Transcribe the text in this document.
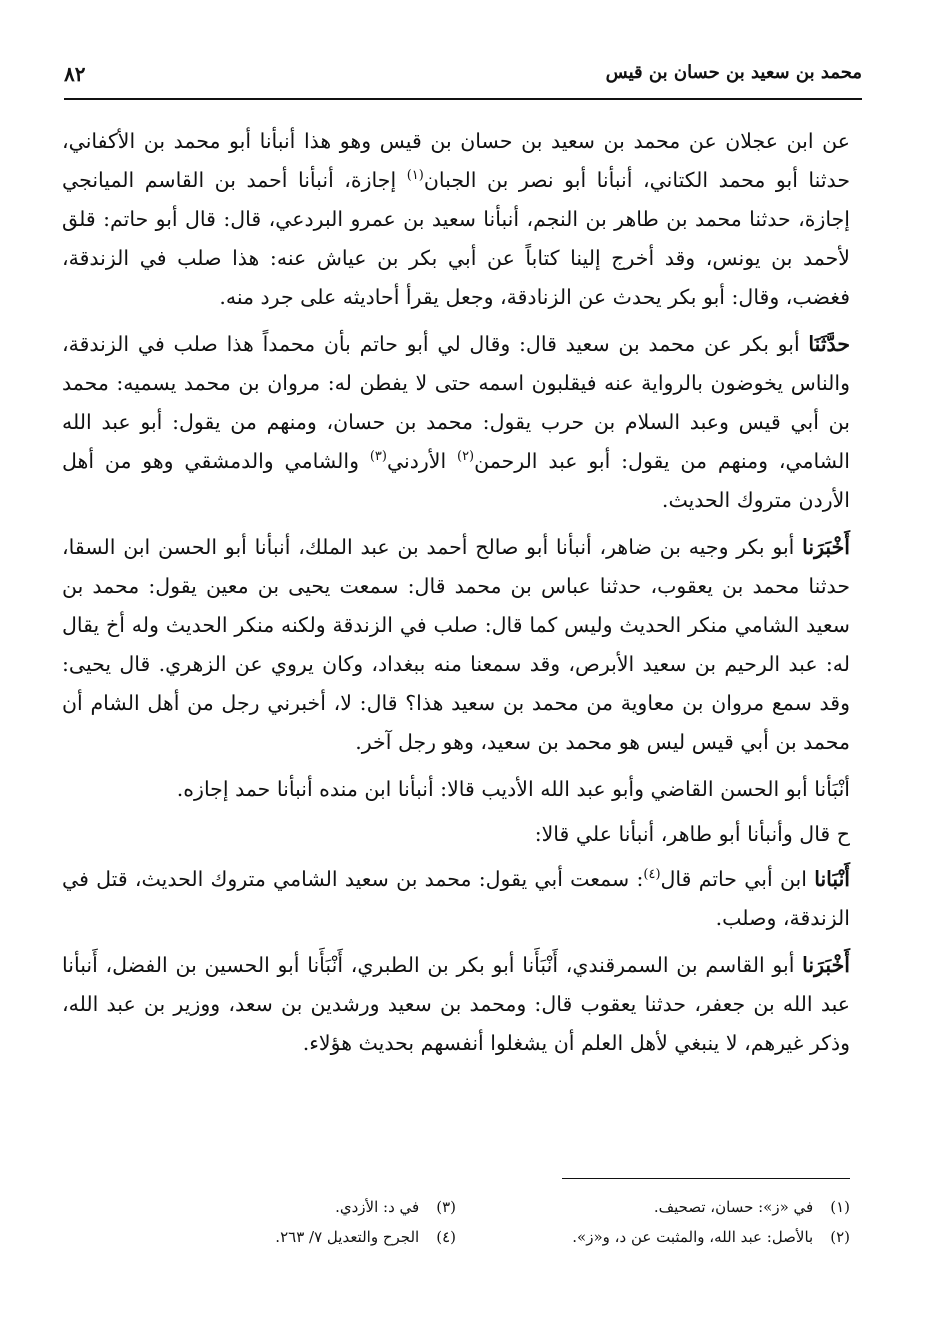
محمد بن سعيد بن حسان بن قيس
٨٢

عن ابن عجلان عن محمد بن سعيد بن حسان بن قيس وهو هذا أنبأنا أبو محمد بن الأكفاني، حدثنا أبو محمد الكتاني، أنبأنا أبو نصر بن الجبان$^{(١)}$ إجازة، أنبأنا أحمد بن القاسم الميانجي إجازة، حدثنا محمد بن طاهر بن النجم، أنبأنا سعيد بن عمرو البردعي، قال: قال أبو حاتم: قلق لأحمد بن يونس، وقد أخرج إلينا كتاباً عن أبي بكر بن عياش عنه: هذا صلب في الزندقة، فغضب، وقال: أبو بكر يحدث عن الزنادقة، وجعل يقرأ أحاديثه على جرد منه.

حدَّثَنَا أبو بكر عن محمد بن سعيد قال: وقال لي أبو حاتم بأن محمداً هذا صلب في الزندقة، والناس يخوضون بالرواية عنه فيقلبون اسمه حتى لا يفطن له: مروان بن محمد يسميه: محمد بن أبي قيس وعبد السلام بن حرب يقول: محمد بن حسان، ومنهم من يقول: أبو عبد الله الشامي، ومنهم من يقول: أبو عبد الرحمن$^{(٢)}$ الأردني$^{(٣)}$ والشامي والدمشقي وهو من أهل الأردن متروك الحديث.

أَخْبَرَنا أبو بكر وجيه بن ضاهر، أنبأنا أبو صالح أحمد بن عبد الملك، أنبأنا أبو الحسن ابن السقا، حدثنا محمد بن يعقوب، حدثنا عباس بن محمد قال: سمعت يحيى بن معين يقول: محمد بن سعيد الشامي منكر الحديث وليس كما قال: صلب في الزندقة ولكنه منكر الحديث وله أخ يقال له: عبد الرحيم بن سعيد الأبرص، وقد سمعنا منه ببغداد، وكان يروي عن الزهري. قال يحيى: وقد سمع مروان بن معاوية من محمد بن سعيد هذا؟ قال: لا، أخبرني رجل من أهل الشام أن محمد بن أبي قيس ليس هو محمد بن سعيد، وهو رجل آخر.

أنْبَأنا أبو الحسن القاضي وأبو عبد الله الأديب قالا: أنبأنا ابن منده أنبأنا حمد إجازه.

ح قال وأنبأنا أبو طاهر، أنبأنا علي قالا:

أَنْبَانا ابن أبي حاتم قال$^{(٤)}$: سمعت أبي يقول: محمد بن سعيد الشامي متروك الحديث، قتل في الزندقة، وصلب.

أَخْبَرَنا أبو القاسم بن السمرقندي، أَنْبَأَنا أبو بكر بن الطبري، أَنْبَأَنا أبو الحسين بن الفضل، أَنبأنا عبد الله بن جعفر، حدثنا يعقوب قال: ومحمد بن سعيد ورشدين بن سعد، ووزير بن عبد الله، وذكر غيرهم، لا ينبغي لأهل العلم أن يشغلوا أنفسهم بحديث هؤلاء.

(١) في «ز»: حسان، تصحيف.
(٣) في د: الأزدي.
(٢) بالأصل: عبد الله، والمثبت عن د، و«ز».
(٤) الجرح والتعديل ٧/ ٢٦٣.
